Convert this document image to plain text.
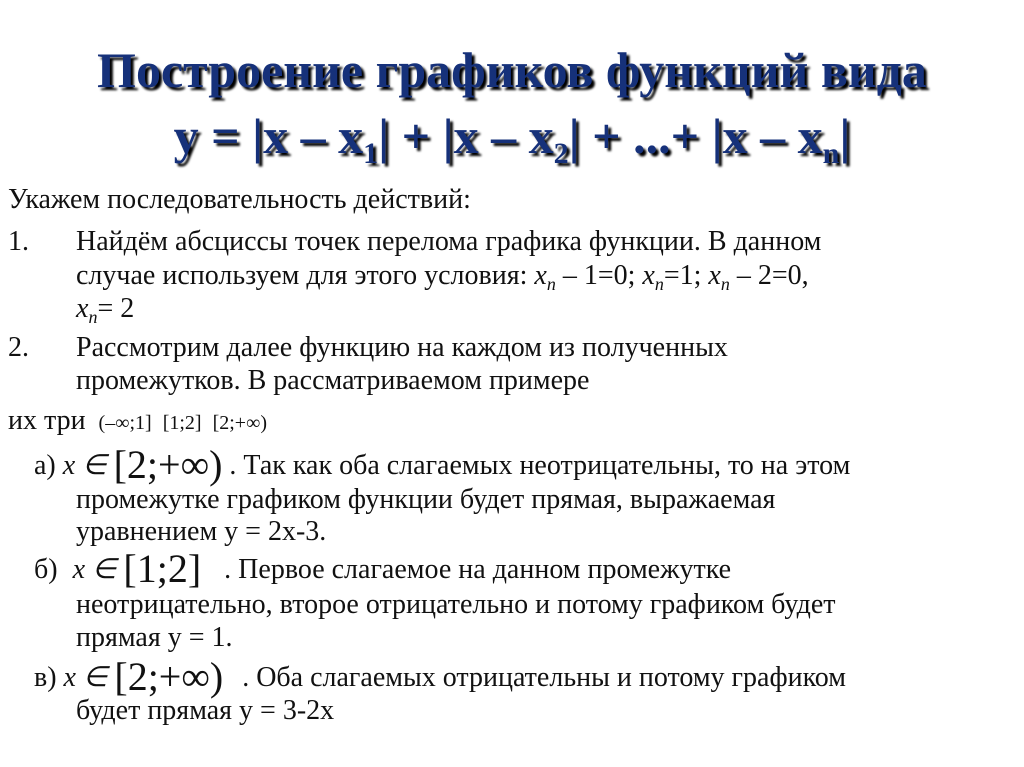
Построение графиков функций вида
$y = |x - x_1| + |x - x_2|$ + ...+ $|x - x_n|$
Укажем последовательность действий:
1. Найдём абсциссы точек перелома графика функции. В данном
случае используем для этого условия: $x_n - 1=0$; $x_n=1$; $x_n - 2=0$,
$x_n= 2$
2. Рассмотрим далее функцию на каждом из полученных
промежутков. В рассматриваемом примере
их три (–∞;1] [1;2] [2;+∞)
а) x ∈ [2;+∞) . Так как оба слагаемых неотрицательны, то на этом
промежутке графиком функции будет прямая, выражаемая
уравнением y = 2x-3.
б) x ∈ [1;2] . Первое слагаемое на данном промежутке
неотрицательно, второе отрицательно и потому графиком будет
прямая y = 1.
в) x ∈ [2;+∞) . Оба слагаемых отрицательны и потому графиком
будет прямая y = 3-2x
